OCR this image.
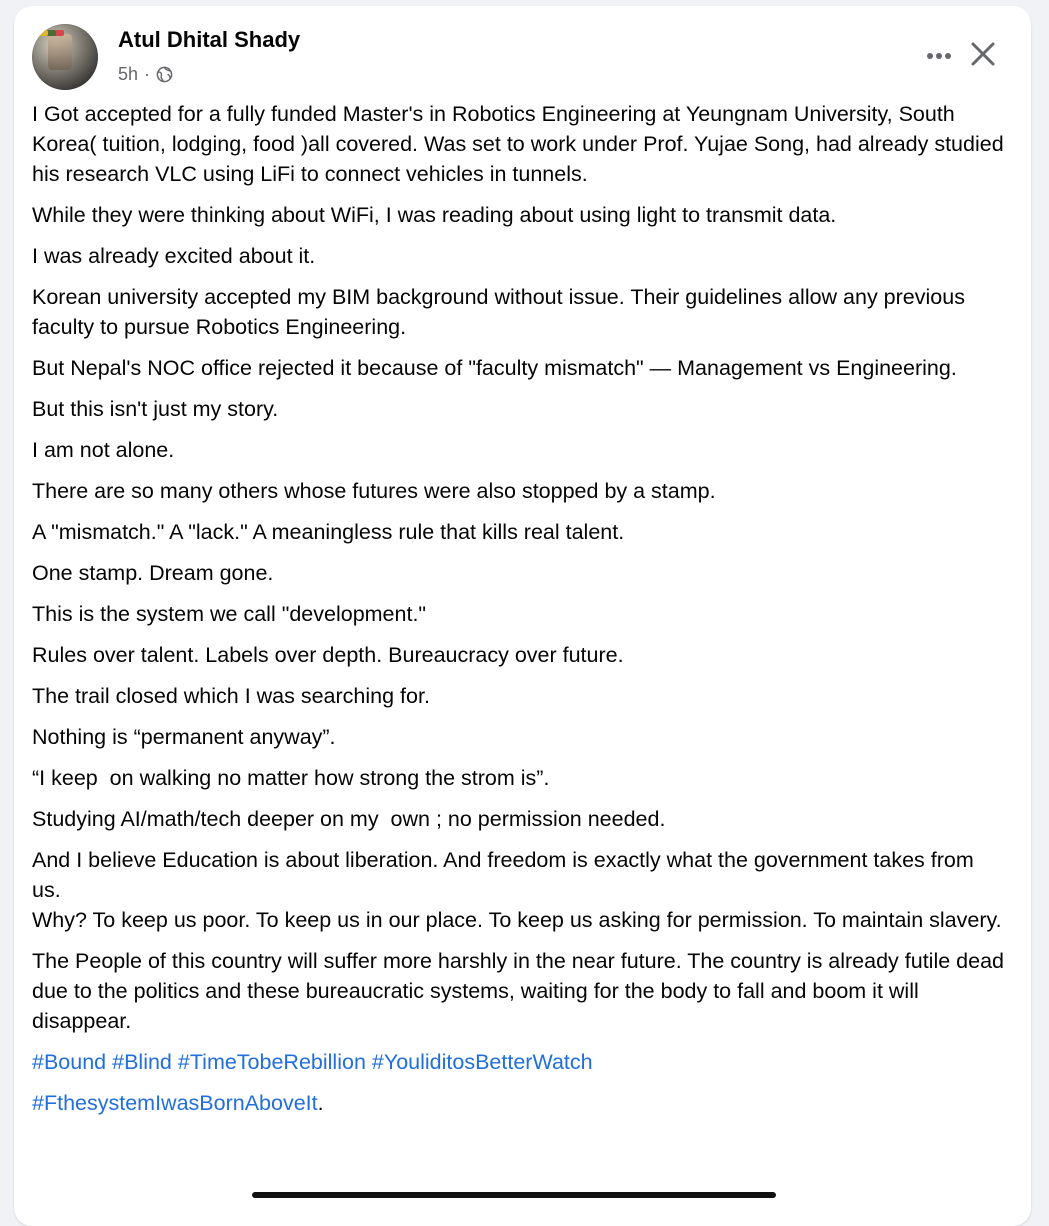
Atul Dhital Shady
5h ·

I Got accepted for a fully funded Master's in Robotics Engineering at Yeungnam University, South Korea( tuition, lodging, food )all covered. Was set to work under Prof. Yujae Song, had already studied his research VLC using LiFi to connect vehicles in tunnels.

While they were thinking about WiFi, I was reading about using light to transmit data.

I was already excited about it.

Korean university accepted my BIM background without issue. Their guidelines allow any previous faculty to pursue Robotics Engineering.

But Nepal's NOC office rejected it because of "faculty mismatch" — Management vs Engineering.

But this isn't just my story.

I am not alone.

There are so many others whose futures were also stopped by a stamp.

A "mismatch." A "lack." A meaningless rule that kills real talent.

One stamp. Dream gone.

This is the system we call "development."

Rules over talent. Labels over depth. Bureaucracy over future.

The trail closed which I was searching for.

Nothing is “permanent anyway”.

“I keep  on walking no matter how strong the strom is”.

Studying AI/math/tech deeper on my  own ; no permission needed.

And I believe Education is about liberation. And freedom is exactly what the government takes from us.

Why? To keep us poor. To keep us in our place. To keep us asking for permission. To maintain slavery.

The People of this country will suffer more harshly in the near future. The country is already futile dead due to the politics and these bureaucratic systems, waiting for the body to fall and boom it will disappear.

#Bound #Blind #TimeTobeRebillion #YouliditosBetterWatch
#FthesystemIwasBornAboveIt.
